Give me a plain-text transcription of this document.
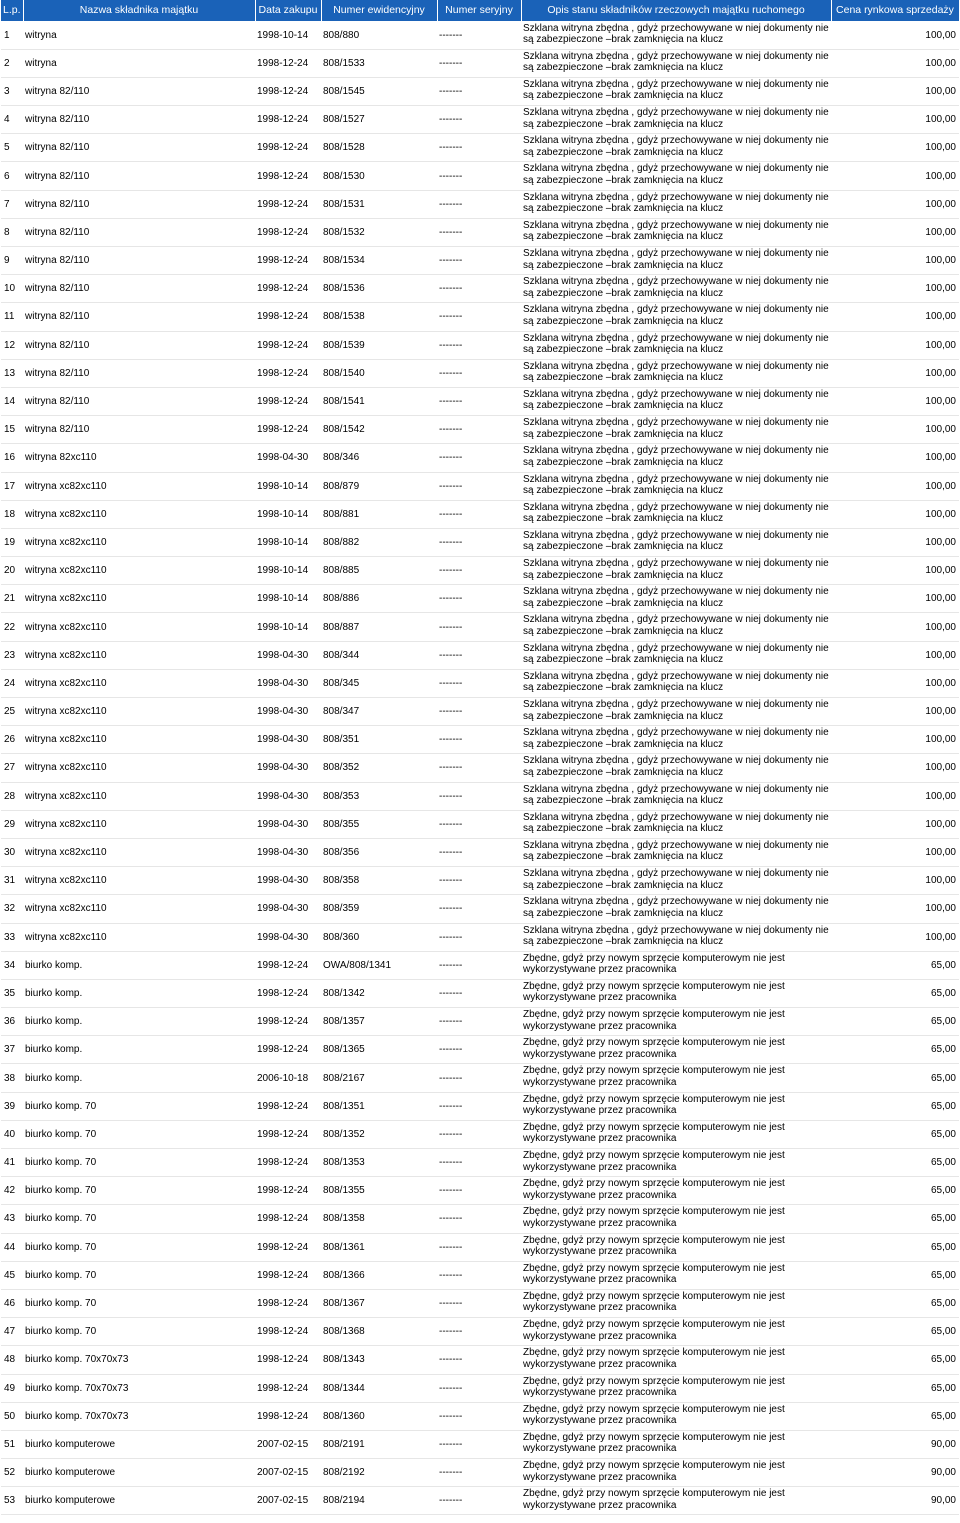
L.p.	Nazwa składnika majątku	Data zakupu	Numer ewidencyjny	Numer seryjny	Opis stanu składników rzeczowych majątku ruchomego	Cena rynkowa sprzedaży
1	witryna	1998-10-14	808/880	-------	Szklana witryna zbędna , gdyż przechowywane w niej dokumenty nie
są zabezpieczone –brak zamknięcia na klucz	100,00
2	witryna	1998-12-24	808/1533	-------	Szklana witryna zbędna , gdyż przechowywane w niej dokumenty nie
są zabezpieczone –brak zamknięcia na klucz	100,00
3	witryna 82/110	1998-12-24	808/1545	-------	Szklana witryna zbędna , gdyż przechowywane w niej dokumenty nie
są zabezpieczone –brak zamknięcia na klucz	100,00
4	witryna 82/110	1998-12-24	808/1527	-------	Szklana witryna zbędna , gdyż przechowywane w niej dokumenty nie
są zabezpieczone –brak zamknięcia na klucz	100,00
5	witryna 82/110	1998-12-24	808/1528	-------	Szklana witryna zbędna , gdyż przechowywane w niej dokumenty nie
są zabezpieczone –brak zamknięcia na klucz	100,00
6	witryna 82/110	1998-12-24	808/1530	-------	Szklana witryna zbędna , gdyż przechowywane w niej dokumenty nie
są zabezpieczone –brak zamknięcia na klucz	100,00
7	witryna 82/110	1998-12-24	808/1531	-------	Szklana witryna zbędna , gdyż przechowywane w niej dokumenty nie
są zabezpieczone –brak zamknięcia na klucz	100,00
8	witryna 82/110	1998-12-24	808/1532	-------	Szklana witryna zbędna , gdyż przechowywane w niej dokumenty nie
są zabezpieczone –brak zamknięcia na klucz	100,00
9	witryna 82/110	1998-12-24	808/1534	-------	Szklana witryna zbędna , gdyż przechowywane w niej dokumenty nie
są zabezpieczone –brak zamknięcia na klucz	100,00
10	witryna 82/110	1998-12-24	808/1536	-------	Szklana witryna zbędna , gdyż przechowywane w niej dokumenty nie
są zabezpieczone –brak zamknięcia na klucz	100,00
11	witryna 82/110	1998-12-24	808/1538	-------	Szklana witryna zbędna , gdyż przechowywane w niej dokumenty nie
są zabezpieczone –brak zamknięcia na klucz	100,00
12	witryna 82/110	1998-12-24	808/1539	-------	Szklana witryna zbędna , gdyż przechowywane w niej dokumenty nie
są zabezpieczone –brak zamknięcia na klucz	100,00
13	witryna 82/110	1998-12-24	808/1540	-------	Szklana witryna zbędna , gdyż przechowywane w niej dokumenty nie
są zabezpieczone –brak zamknięcia na klucz	100,00
14	witryna 82/110	1998-12-24	808/1541	-------	Szklana witryna zbędna , gdyż przechowywane w niej dokumenty nie
są zabezpieczone –brak zamknięcia na klucz	100,00
15	witryna 82/110	1998-12-24	808/1542	-------	Szklana witryna zbędna , gdyż przechowywane w niej dokumenty nie
są zabezpieczone –brak zamknięcia na klucz	100,00
16	witryna 82xc110	1998-04-30	808/346	-------	Szklana witryna zbędna , gdyż przechowywane w niej dokumenty nie
są zabezpieczone –brak zamknięcia na klucz	100,00
17	witryna xc82xc110	1998-10-14	808/879	-------	Szklana witryna zbędna , gdyż przechowywane w niej dokumenty nie
są zabezpieczone –brak zamknięcia na klucz	100,00
18	witryna xc82xc110	1998-10-14	808/881	-------	Szklana witryna zbędna , gdyż przechowywane w niej dokumenty nie
są zabezpieczone –brak zamknięcia na klucz	100,00
19	witryna xc82xc110	1998-10-14	808/882	-------	Szklana witryna zbędna , gdyż przechowywane w niej dokumenty nie
są zabezpieczone –brak zamknięcia na klucz	100,00
20	witryna xc82xc110	1998-10-14	808/885	-------	Szklana witryna zbędna , gdyż przechowywane w niej dokumenty nie
są zabezpieczone –brak zamknięcia na klucz	100,00
21	witryna xc82xc110	1998-10-14	808/886	-------	Szklana witryna zbędna , gdyż przechowywane w niej dokumenty nie
są zabezpieczone –brak zamknięcia na klucz	100,00
22	witryna xc82xc110	1998-10-14	808/887	-------	Szklana witryna zbędna , gdyż przechowywane w niej dokumenty nie
są zabezpieczone –brak zamknięcia na klucz	100,00
23	witryna xc82xc110	1998-04-30	808/344	-------	Szklana witryna zbędna , gdyż przechowywane w niej dokumenty nie
są zabezpieczone –brak zamknięcia na klucz	100,00
24	witryna xc82xc110	1998-04-30	808/345	-------	Szklana witryna zbędna , gdyż przechowywane w niej dokumenty nie
są zabezpieczone –brak zamknięcia na klucz	100,00
25	witryna xc82xc110	1998-04-30	808/347	-------	Szklana witryna zbędna , gdyż przechowywane w niej dokumenty nie
są zabezpieczone –brak zamknięcia na klucz	100,00
26	witryna xc82xc110	1998-04-30	808/351	-------	Szklana witryna zbędna , gdyż przechowywane w niej dokumenty nie
są zabezpieczone –brak zamknięcia na klucz	100,00
27	witryna xc82xc110	1998-04-30	808/352	-------	Szklana witryna zbędna , gdyż przechowywane w niej dokumenty nie
są zabezpieczone –brak zamknięcia na klucz	100,00
28	witryna xc82xc110	1998-04-30	808/353	-------	Szklana witryna zbędna , gdyż przechowywane w niej dokumenty nie
są zabezpieczone –brak zamknięcia na klucz	100,00
29	witryna xc82xc110	1998-04-30	808/355	-------	Szklana witryna zbędna , gdyż przechowywane w niej dokumenty nie
są zabezpieczone –brak zamknięcia na klucz	100,00
30	witryna xc82xc110	1998-04-30	808/356	-------	Szklana witryna zbędna , gdyż przechowywane w niej dokumenty nie
są zabezpieczone –brak zamknięcia na klucz	100,00
31	witryna xc82xc110	1998-04-30	808/358	-------	Szklana witryna zbędna , gdyż przechowywane w niej dokumenty nie
są zabezpieczone –brak zamknięcia na klucz	100,00
32	witryna xc82xc110	1998-04-30	808/359	-------	Szklana witryna zbędna , gdyż przechowywane w niej dokumenty nie
są zabezpieczone –brak zamknięcia na klucz	100,00
33	witryna xc82xc110	1998-04-30	808/360	-------	Szklana witryna zbędna , gdyż przechowywane w niej dokumenty nie
są zabezpieczone –brak zamknięcia na klucz	100,00
34	biurko komp.	1998-12-24	OWA/808/1341	-------	Zbędne, gdyż przy nowym sprzęcie komputerowym nie jest
wykorzystywane przez pracownika	65,00
35	biurko komp.	1998-12-24	808/1342	-------	Zbędne, gdyż przy nowym sprzęcie komputerowym nie jest
wykorzystywane przez pracownika	65,00
36	biurko komp.	1998-12-24	808/1357	-------	Zbędne, gdyż przy nowym sprzęcie komputerowym nie jest
wykorzystywane przez pracownika	65,00
37	biurko komp.	1998-12-24	808/1365	-------	Zbędne, gdyż przy nowym sprzęcie komputerowym nie jest
wykorzystywane przez pracownika	65,00
38	biurko komp.	2006-10-18	808/2167	-------	Zbędne, gdyż przy nowym sprzęcie komputerowym nie jest
wykorzystywane przez pracownika	65,00
39	biurko komp. 70	1998-12-24	808/1351	-------	Zbędne, gdyż przy nowym sprzęcie komputerowym nie jest
wykorzystywane przez pracownika	65,00
40	biurko komp. 70	1998-12-24	808/1352	-------	Zbędne, gdyż przy nowym sprzęcie komputerowym nie jest
wykorzystywane przez pracownika	65,00
41	biurko komp. 70	1998-12-24	808/1353	-------	Zbędne, gdyż przy nowym sprzęcie komputerowym nie jest
wykorzystywane przez pracownika	65,00
42	biurko komp. 70	1998-12-24	808/1355	-------	Zbędne, gdyż przy nowym sprzęcie komputerowym nie jest
wykorzystywane przez pracownika	65,00
43	biurko komp. 70	1998-12-24	808/1358	-------	Zbędne, gdyż przy nowym sprzęcie komputerowym nie jest
wykorzystywane przez pracownika	65,00
44	biurko komp. 70	1998-12-24	808/1361	-------	Zbędne, gdyż przy nowym sprzęcie komputerowym nie jest
wykorzystywane przez pracownika	65,00
45	biurko komp. 70	1998-12-24	808/1366	-------	Zbędne, gdyż przy nowym sprzęcie komputerowym nie jest
wykorzystywane przez pracownika	65,00
46	biurko komp. 70	1998-12-24	808/1367	-------	Zbędne, gdyż przy nowym sprzęcie komputerowym nie jest
wykorzystywane przez pracownika	65,00
47	biurko komp. 70	1998-12-24	808/1368	-------	Zbędne, gdyż przy nowym sprzęcie komputerowym nie jest
wykorzystywane przez pracownika	65,00
48	biurko komp. 70x70x73	1998-12-24	808/1343	-------	Zbędne, gdyż przy nowym sprzęcie komputerowym nie jest
wykorzystywane przez pracownika	65,00
49	biurko komp. 70x70x73	1998-12-24	808/1344	-------	Zbędne, gdyż przy nowym sprzęcie komputerowym nie jest
wykorzystywane przez pracownika	65,00
50	biurko komp. 70x70x73	1998-12-24	808/1360	-------	Zbędne, gdyż przy nowym sprzęcie komputerowym nie jest
wykorzystywane przez pracownika	65,00
51	biurko komputerowe	2007-02-15	808/2191	-------	Zbędne, gdyż przy nowym sprzęcie komputerowym nie jest
wykorzystywane przez pracownika	90,00
52	biurko komputerowe	2007-02-15	808/2192	-------	Zbędne, gdyż przy nowym sprzęcie komputerowym nie jest
wykorzystywane przez pracownika	90,00
53	biurko komputerowe	2007-02-15	808/2194	-------	Zbędne, gdyż przy nowym sprzęcie komputerowym nie jest
wykorzystywane przez pracownika	90,00
